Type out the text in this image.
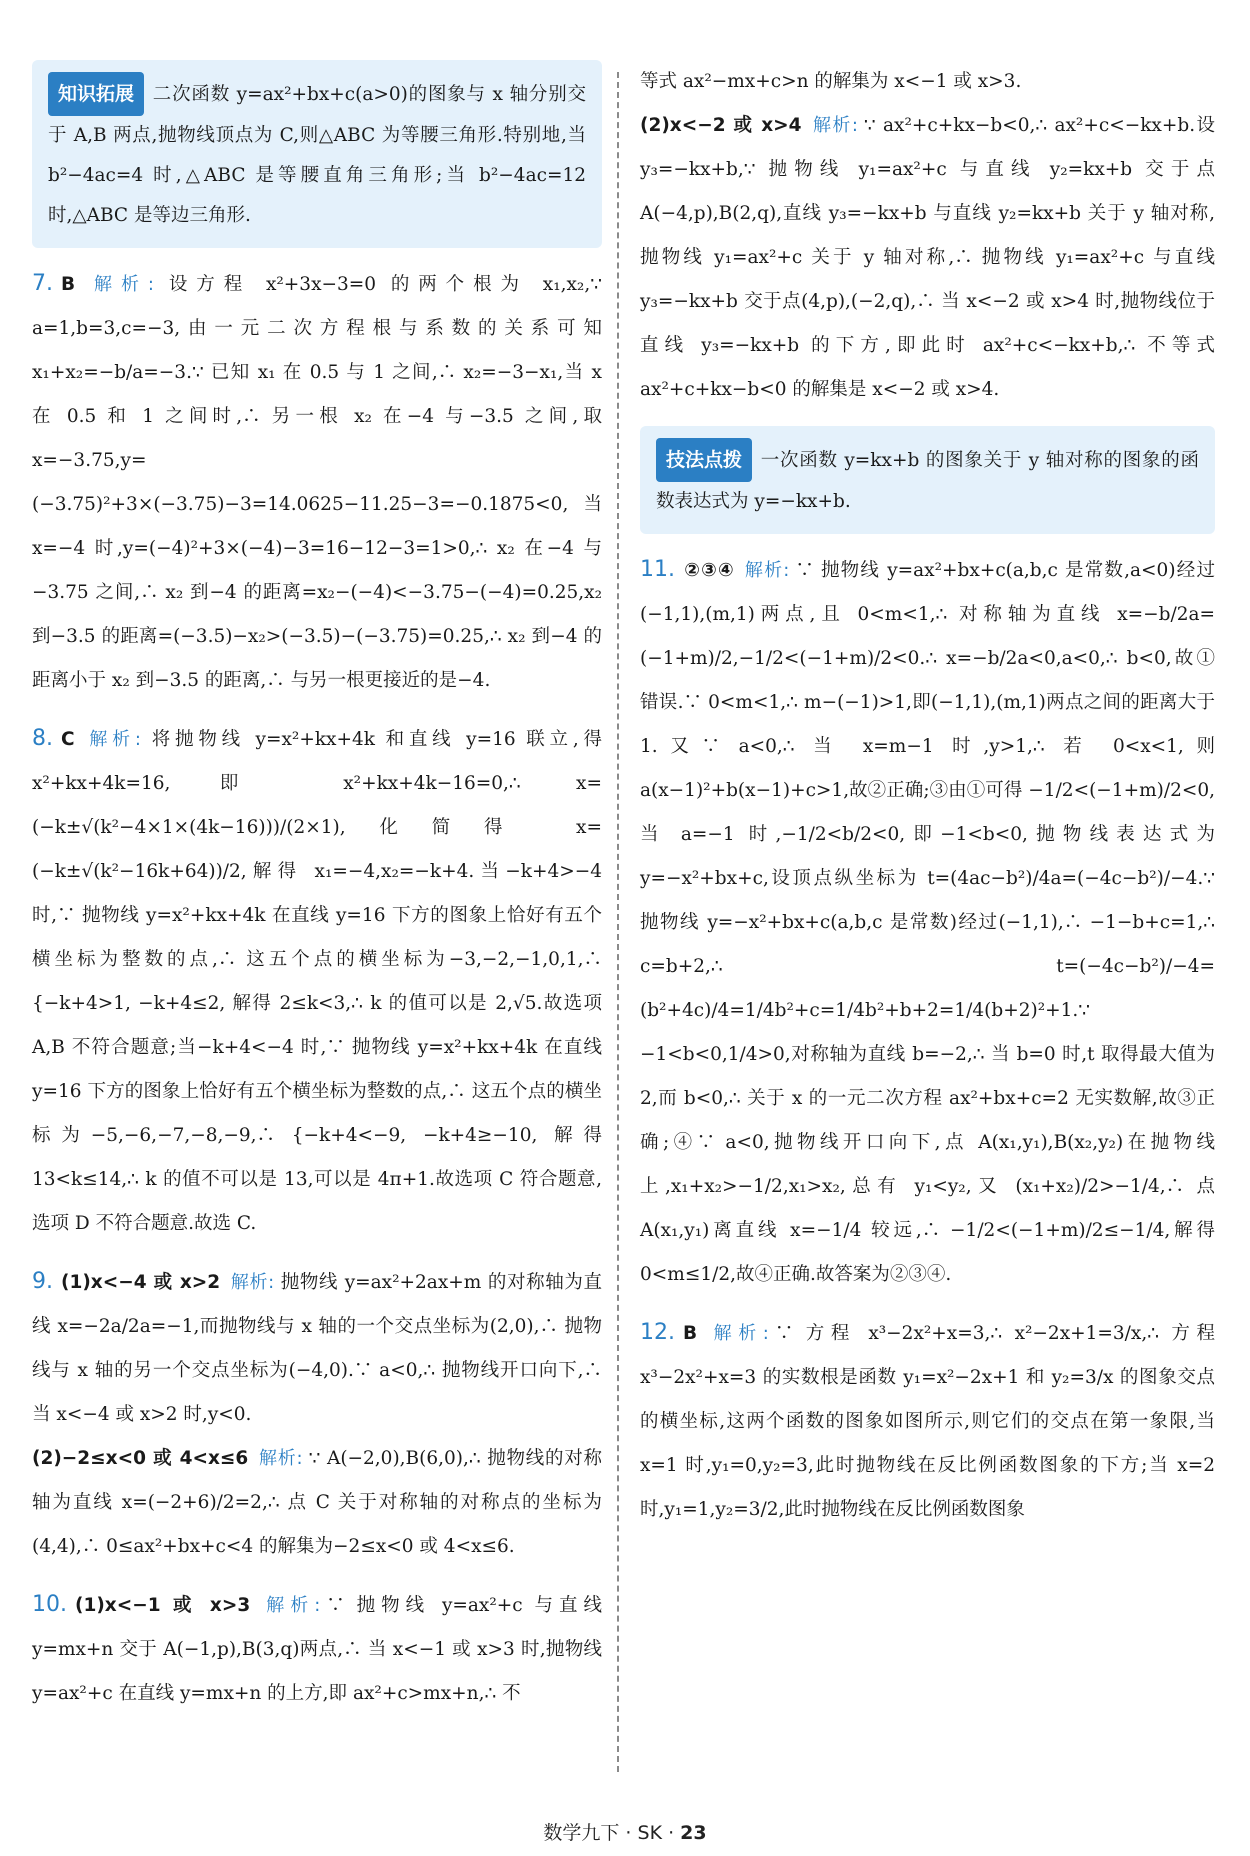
知识拓展 二次函数 y=ax²+bx+c(a>0)的图象与 x 轴分别交于 A,B 两点,抛物线顶点为 C,则△ABC 为等腰三角形.特别地,当 b²−4ac=4 时,△ABC 是等腰直角三角形;当 b²−4ac=12 时,△ABC 是等边三角形.
7. B 解析: 设方程 x²+3x−3=0 的两个根为 x₁,x₂,∵ a=1,b=3,c=−3,由一元二次方程根与系数的关系可知 x₁+x₂=−b/a=−3.∵ 已知 x₁ 在 0.5 与 1 之间,∴ x₂=−3−x₁,当 x 在 0.5 和 1 之间时,∴ 另一根 x₂ 在−4 与−3.5 之间,取 x=−3.75,y=(−3.75)²+3×(−3.75)−3=14.0625−11.25−3=−0.1875<0,当 x=−4 时,y=(−4)²+3×(−4)−3=16−12−3=1>0,∴ x₂ 在−4 与−3.75 之间,∴ x₂ 到−4 的距离=x₂−(−4)<−3.75−(−4)=0.25,x₂ 到−3.5 的距离=(−3.5)−x₂>(−3.5)−(−3.75)=0.25,∴ x₂ 到−4 的距离小于 x₂ 到−3.5 的距离,∴ 与另一根更接近的是−4.
8. C 解析: 将抛物线 y=x²+kx+4k 和直线 y=16 联立,得 x²+kx+4k=16,即 x²+kx+4k−16=0,∴ x=(−k±√(k²−4×1×(4k−16)))/(2×1),化简得 x=(−k±√(k²−16k+64))/2,解得 x₁=−4,x₂=−k+4.当−k+4>−4 时,∵ 抛物线 y=x²+kx+4k 在直线 y=16 下方的图象上恰好有五个横坐标为整数的点,∴ 这五个点的横坐标为−3,−2,−1,0,1,∴ {−k+4>1, −k+4≤2, 解得 2≤k<3,∴ k 的值可以是 2,√5.故选项 A,B 不符合题意;当−k+4<−4 时,∵ 抛物线 y=x²+kx+4k 在直线 y=16 下方的图象上恰好有五个横坐标为整数的点,∴ 这五个点的横坐标为−5,−6,−7,−8,−9,∴ {−k+4<−9, −k+4≥−10, 解得 13<k≤14,∴ k 的值不可以是 13,可以是 4π+1.故选项 C 符合题意,选项 D 不符合题意.故选 C.
9. (1)x<−4 或 x>2 解析: 抛物线 y=ax²+2ax+m 的对称轴为直线 x=−2a/2a=−1,而抛物线与 x 轴的一个交点坐标为(2,0),∴ 抛物线与 x 轴的另一个交点坐标为(−4,0).∵ a<0,∴ 抛物线开口向下,∴ 当 x<−4 或 x>2 时,y<0.
(2)−2≤x<0 或 4<x≤6 解析: ∵ A(−2,0),B(6,0),∴ 抛物线的对称轴为直线 x=(−2+6)/2=2,∴ 点 C 关于对称轴的对称点的坐标为(4,4),∴ 0≤ax²+bx+c<4 的解集为−2≤x<0 或 4<x≤6.
10. (1)x<−1 或 x>3 解析: ∵ 抛物线 y=ax²+c 与直线 y=mx+n 交于 A(−1,p),B(3,q)两点,∴ 当 x<−1 或 x>3 时,抛物线 y=ax²+c 在直线 y=mx+n 的上方,即 ax²+c>mx+n,∴ 不
等式 ax²−mx+c>n 的解集为 x<−1 或 x>3.
(2)x<−2 或 x>4 解析: ∵ ax²+c+kx−b<0,∴ ax²+c<−kx+b.设 y₃=−kx+b,∵ 抛物线 y₁=ax²+c 与直线 y₂=kx+b 交于点 A(−4,p),B(2,q),直线 y₃=−kx+b 与直线 y₂=kx+b 关于 y 轴对称,抛物线 y₁=ax²+c 关于 y 轴对称,∴ 抛物线 y₁=ax²+c 与直线 y₃=−kx+b 交于点(4,p),(−2,q),∴ 当 x<−2 或 x>4 时,抛物线位于直线 y₃=−kx+b 的下方,即此时 ax²+c<−kx+b,∴ 不等式 ax²+c+kx−b<0 的解集是 x<−2 或 x>4.
技法点拨 一次函数 y=kx+b 的图象关于 y 轴对称的图象的函数表达式为 y=−kx+b.
11. ②③④ 解析: ∵ 抛物线 y=ax²+bx+c(a,b,c 是常数,a<0)经过(−1,1),(m,1)两点,且 0<m<1,∴ 对称轴为直线 x=−b/2a=(−1+m)/2,−1/2<(−1+m)/2<0.∴ x=−b/2a<0,a<0,∴ b<0,故①错误.∵ 0<m<1,∴ m−(−1)>1,即(−1,1),(m,1)两点之间的距离大于 1.又∵ a<0,∴ 当 x=m−1 时,y>1,∴ 若 0<x<1,则 a(x−1)²+b(x−1)+c>1,故②正确;③由①可得 −1/2<(−1+m)/2<0,当 a=−1 时,−1/2<b/2<0,即−1<b<0,抛物线表达式为 y=−x²+bx+c,设顶点纵坐标为 t=(4ac−b²)/4a=(−4c−b²)/−4.∵ 抛物线 y=−x²+bx+c(a,b,c 是常数)经过(−1,1),∴ −1−b+c=1,∴ c=b+2,∴ t=(−4c−b²)/−4=(b²+4c)/4=1/4b²+c=1/4b²+b+2=1/4(b+2)²+1.∵ −1<b<0,1/4>0,对称轴为直线 b=−2,∴ 当 b=0 时,t 取得最大值为 2,而 b<0,∴ 关于 x 的一元二次方程 ax²+bx+c=2 无实数解,故③正确;④∵ a<0,抛物线开口向下,点 A(x₁,y₁),B(x₂,y₂)在抛物线上,x₁+x₂>−1/2,x₁>x₂,总有 y₁<y₂,又 (x₁+x₂)/2>−1/4,∴ 点 A(x₁,y₁)离直线 x=−1/4 较远,∴ −1/2<(−1+m)/2≤−1/4,解得 0<m≤1/2,故④正确.故答案为②③④.
12. B 解析: ∵ 方程 x³−2x²+x=3,∴ x²−2x+1=3/x,∴ 方程 x³−2x²+x=3 的实数根是函数 y₁=x²−2x+1 和 y₂=3/x 的图象交点的横坐标,这两个函数的图象如图所示,则它们的交点在第一象限,当 x=1 时,y₁=0,y₂=3,此时抛物线在反比例函数图象的下方;当 x=2 时,y₁=1,y₂=3/2,此时抛物线在反比例函数图象
数学九下 · SK · 23
